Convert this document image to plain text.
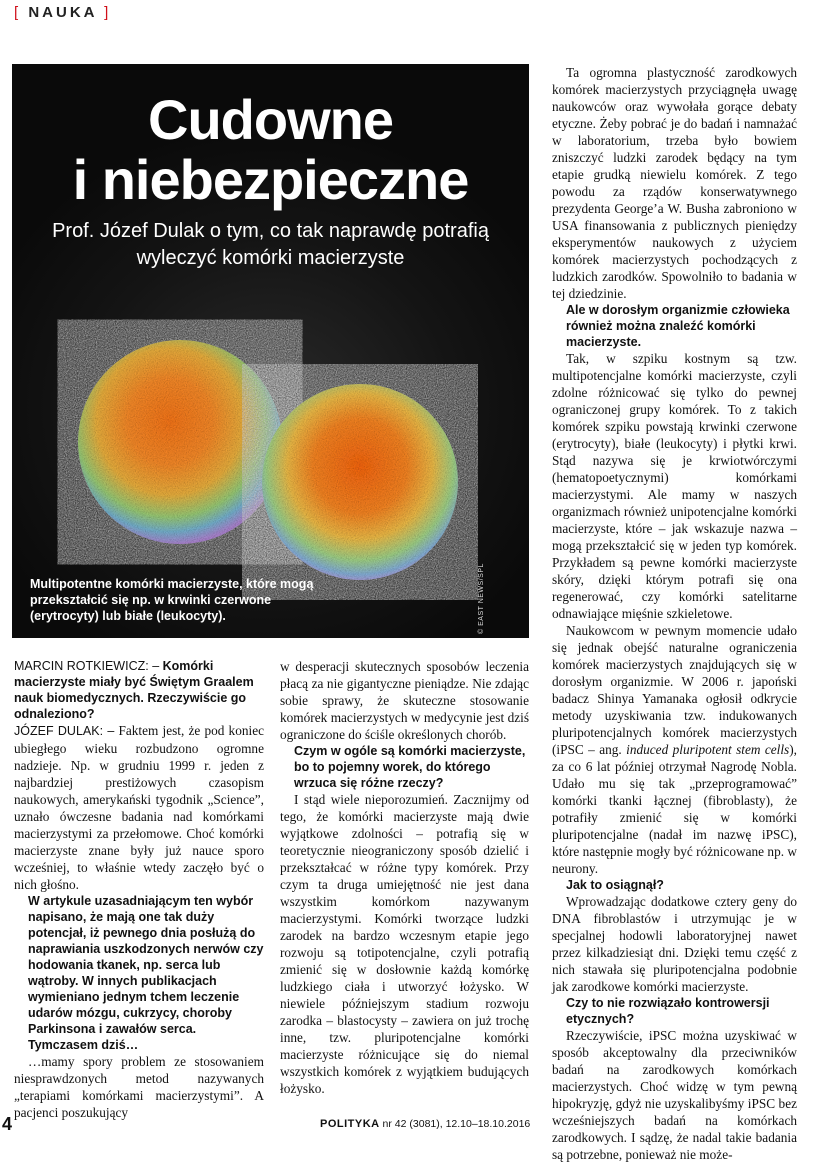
[ NAUKA ]
Cudowne
i niebezpieczne
Prof. Józef Dulak o tym, co tak naprawdę potrafią
wyleczyć komórki macierzyste
Multipotentne komórki macierzyste, które mogą przekształcić się np. w krwinki czerwone (erytrocyty) lub białe (leukocyty).	© EAST NEWS/SPL

MARCIN ROTKIEWICZ: – Komórki macierzyste miały być Świętym Graalem nauk biomedycznych. Rzeczywiście go odnaleziono?

JÓZEF DULAK: – Faktem jest, że pod koniec ubiegłego wieku rozbudzono ogromne nadzieje. Np. w grudniu 1999 r. jeden z najbardziej prestiżowych czasopism naukowych, amerykański tygodnik „Science”, uznało ówczesne badania nad komórkami macierzystymi za przełomowe. Choć komórki macierzyste znane były już nauce sporo wcześniej, to właśnie wtedy zaczęło być o nich głośno.

W artykule uzasadniającym ten wybór napisano, że mają one tak duży potencjał, iż pewnego dnia posłużą do naprawiania uszkodzonych nerwów czy hodowania tkanek, np. serca lub wątroby. W innych publikacjach wymieniano jednym tchem leczenie udarów mózgu, cukrzycy, choroby Parkinsona i zawałów serca. Tymczasem dziś…

…mamy spory problem ze stosowaniem niesprawdzonych metod nazywanych „terapiami komórkami macierzystymi”. A pacjenci poszukujący

w desperacji skutecznych sposobów leczenia płacą za nie gigantyczne pieniądze. Nie zdając sobie sprawy, że skuteczne stosowanie komórek macierzystych w medycynie jest dziś ograniczone do ściśle określonych chorób.

Czym w ogóle są komórki macierzyste, bo to pojemny worek, do którego wrzuca się różne rzeczy?

I stąd wiele nieporozumień. Zacznijmy od tego, że komórki macierzyste mają dwie wyjątkowe zdolności – potrafią się w teoretycznie nieograniczony sposób dzielić i przekształcać w różne typy komórek. Przy czym ta druga umiejętność nie jest dana wszystkim komórkom nazywanym macierzystymi. Komórki tworzące ludzki zarodek na bardzo wczesnym etapie jego rozwoju są totipotencjalne, czyli potrafią zmienić się w dosłownie każdą komórkę ludzkiego ciała i utworzyć łożysko. W niewiele późniejszym stadium rozwoju zarodka – blastocysty – zawiera on już trochę inne, tzw. pluripotencjalne komórki macierzyste różnicujące się do niemal wszystkich komórek z wyjątkiem budujących łożysko.

Ta ogromna plastyczność zarodkowych komórek macierzystych przyciągnęła uwagę naukowców oraz wywołała gorące debaty etyczne. Żeby pobrać je do badań i namnażać w laboratorium, trzeba było bowiem zniszczyć ludzki zarodek będący na tym etapie grudką niewielu komórek. Z tego powodu za rządów konserwatywnego prezydenta George’a W. Busha zabroniono w USA finansowania z publicznych pieniędzy eksperymentów naukowych z użyciem komórek macierzystych pochodzących z ludzkich zarodków. Spowolniło to badania w tej dziedzinie.

Ale w dorosłym organizmie człowieka również można znaleźć komórki macierzyste.

Tak, w szpiku kostnym są tzw. multipotencjalne komórki macierzyste, czyli zdolne różnicować się tylko do pewnej ograniczonej grupy komórek. To z takich komórek szpiku powstają krwinki czerwone (erytrocyty), białe (leukocyty) i płytki krwi. Stąd nazywa się je krwiotwórczymi (hematopoetycznymi) komórkami macierzystymi. Ale mamy w naszych organizmach również unipotencjalne komórki macierzyste, które – jak wskazuje nazwa – mogą przekształcić się w jeden typ komórek. Przykładem są pewne komórki macierzyste skóry, dzięki którym potrafi się ona regenerować, czy komórki satelitarne odnawiające mięśnie szkieletowe.

Naukowcom w pewnym momencie udało się jednak obejść naturalne ograniczenia komórek macierzystych znajdujących się w dorosłym organizmie. W 2006 r. japoński badacz Shinya Yamanaka ogłosił odkrycie metody uzyskiwania tzw. indukowanych pluripotencjalnych komórek macierzystych (iPSC – ang. induced pluripotent stem cells), za co 6 lat później otrzymał Nagrodę Nobla. Udało mu się tak „przeprogramować” komórki tkanki łącznej (fibroblasty), że potrafiły zmienić się w komórki pluripotencjalne (nadał im nazwę iPSC), które następnie mogły być różnicowane np. w neurony.

Jak to osiągnął?

Wprowadzając dodatkowe cztery geny do DNA fibroblastów i utrzymując je w specjalnej hodowli laboratoryjnej nawet przez kilkadziesiąt dni. Dzięki temu część z nich stawała się pluripotencjalna podobnie jak zarodkowe komórki macierzyste.

Czy to nie rozwiązało kontrowersji etycznych?

Rzeczywiście, iPSC można uzyskiwać w sposób akceptowalny dla przeciwników badań na zarodkowych komórkach macierzystych. Choć widzę w tym pewną hipokryzję, gdyż nie uzyskalibyśmy iPSC bez wcześniejszych badań na komórkach zarodkowych. I sądzę, że nadal takie badania są potrzebne, ponieważ nie może-

4	POLITYKA nr 42 (3081), 12.10–18.10.2016
